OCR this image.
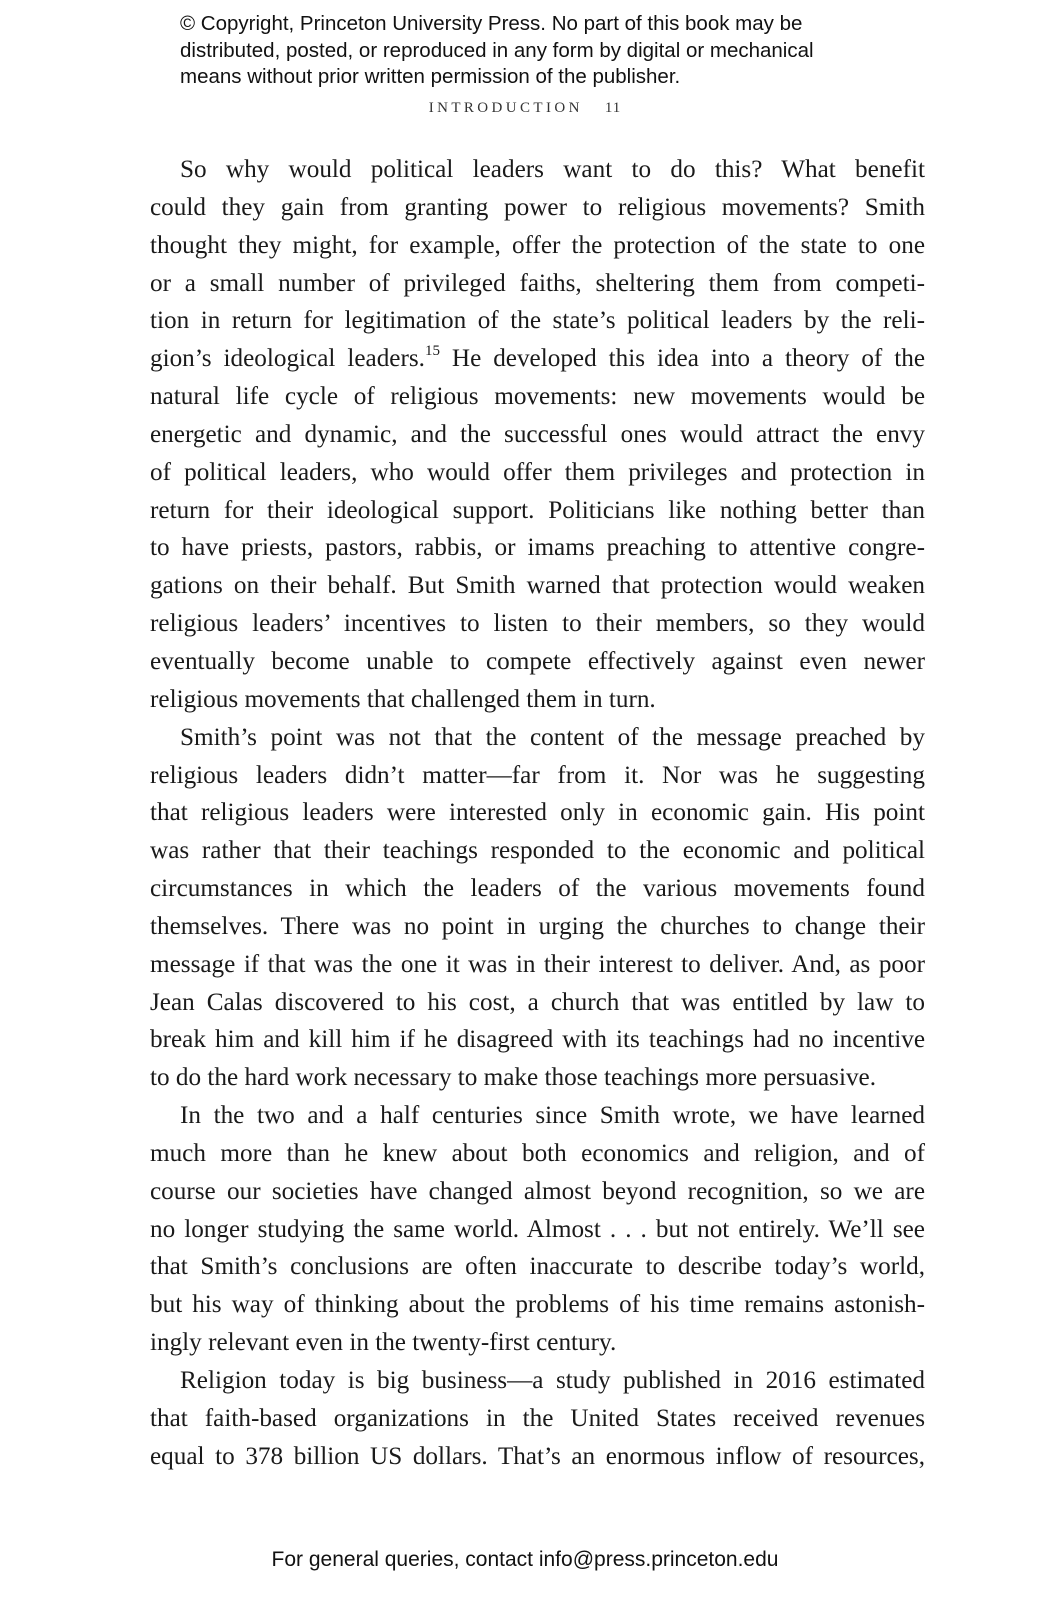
© Copyright, Princeton University Press. No part of this book may be
distributed, posted, or reproduced in any form by digital or mechanical
means without prior written permission of the publisher.
INTRODUCTION 11
So why would political leaders want to do this? What benefit
could they gain from granting power to religious movements? Smith
thought they might, for example, offer the protection of the state to one
or a small number of privileged faiths, sheltering them from competi-
tion in return for legitimation of the state’s political leaders by the reli-
gion’s ideological leaders.$^{15}$ He developed this idea into a theory of the
natural life cycle of religious movements: new movements would be
energetic and dynamic, and the successful ones would attract the envy
of political leaders, who would offer them privileges and protection in
return for their ideological support. Politicians like nothing better than
to have priests, pastors, rabbis, or imams preaching to attentive congre-
gations on their behalf. But Smith warned that protection would weaken
religious leaders’ incentives to listen to their members, so they would
eventually become unable to compete effectively against even newer
religious movements that challenged them in turn.
Smith’s point was not that the content of the message preached by
religious leaders didn’t matter—far from it. Nor was he suggesting
that religious leaders were interested only in economic gain. His point
was rather that their teachings responded to the economic and political
circumstances in which the leaders of the various movements found
themselves. There was no point in urging the churches to change their
message if that was the one it was in their interest to deliver. And, as poor
Jean Calas discovered to his cost, a church that was entitled by law to
break him and kill him if he disagreed with its teachings had no incentive
to do the hard work necessary to make those teachings more persuasive.
In the two and a half centuries since Smith wrote, we have learned
much more than he knew about both economics and religion, and of
course our societies have changed almost beyond recognition, so we are
no longer studying the same world. Almost . . . but not entirely. We’ll see
that Smith’s conclusions are often inaccurate to describe today’s world,
but his way of thinking about the problems of his time remains astonish-
ingly relevant even in the twenty-first century.
Religion today is big business—a study published in 2016 estimated
that faith-based organizations in the United States received revenues
equal to 378 billion US dollars. That’s an enormous inflow of resources,
For general queries, contact info@press.princeton.edu
